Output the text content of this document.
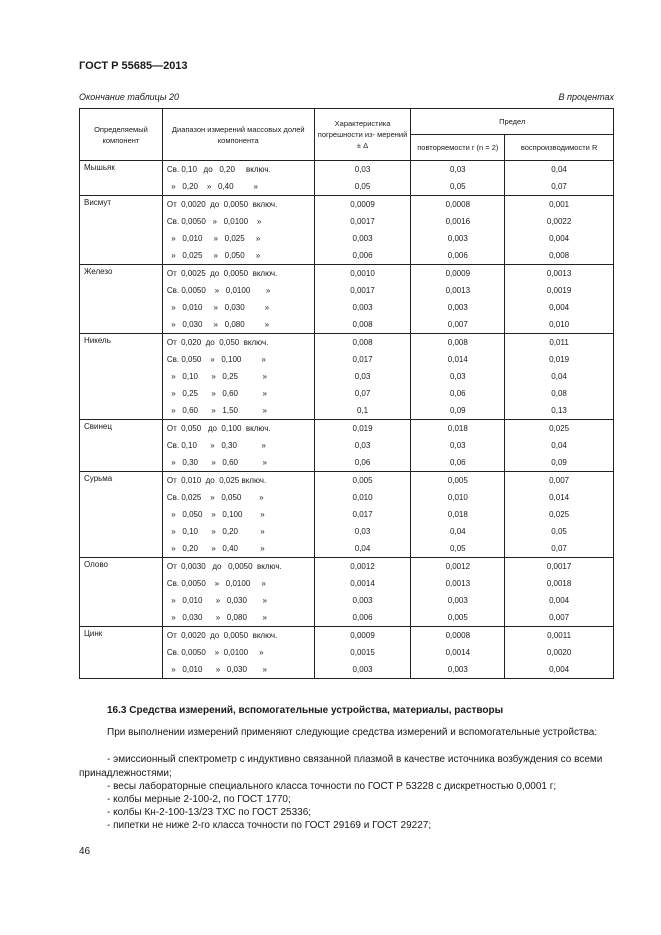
ГОСТ Р 55685—2013
Окончание таблицы 20	В процентах
Определяемый компонент	Диапазон измерений массовых долей компонента	Характеристика погрешности из- мерений ± Δ	Предел	
			повторяемости r (n = 2)	воспроизводимости R
Мышьяк	Св. 0,10   до   0,20     включ.	0,03	0,03	0,04
	»   0,20    »   0,40         »	0,05	0,05	0,07
Висмут	От  0,0020  до  0,0050  включ.	0,0009	0,0008	0,001
	Св. 0,0050   »   0,0100    »	0,0017	0,0016	0,0022
	»   0,010     »   0,025     »	0,003	0,003	0,004
	»   0,025     »   0,050     »	0,006	0,006	0,008
Железо	От  0,0025  до  0,0050  включ.	0,0010	0,0009	0,0013
	Св. 0,0050    »   0,0100       »	0,0017	0,0013	0,0019
	»   0,010     »   0,030         »	0,003	0,003	0,004
	»   0,030     »   0,080         »	0,008	0,007	0,010
Никель	От  0,020  до  0,050  включ.	0,008	0,008	0,011
	Св. 0,050    »   0,100         »	0,017	0,014	0,019
	»   0,10      »   0,25           »	0,03	0,03	0,04
	»   0,25      »   0,60           »	0,07	0,06	0,08
	»   0,60      »   1,50           »	0,1	0,09	0,13
Свинец	От  0,050   до  0,100  включ.	0,019	0,018	0,025
	Св. 0,10      »   0,30           »	0,03	0,03	0,04
	»   0,30      »   0,60           »	0,06	0,06	0,09
Сурьма	От  0,010  до  0,025 включ.	0,005	0,005	0,007
	Св. 0,025    »   0,050        »	0,010	0,010	0,014
	»   0,050    »   0,100        »	0,017	0,018	0,025
	»   0,10      »   0,20          »	0,03	0,04	0,05
	»   0,20      »   0,40          »	0,04	0,05	0,07
Олово	От  0,0030   до   0,0050  включ.	0,0012	0,0012	0,0017
	Св. 0,0050    »   0,0100     »	0,0014	0,0013	0,0018
	»   0,010      »   0,030       »	0,003	0,003	0,004
	»   0,030      »   0,080       »	0,006	0,005	0,007
Цинк	От  0,0020  до  0,0050  включ.	0,0009	0,0008	0,0011
	Св. 0,0050    »  0,0100     »	0,0015	0,0014	0,0020
	»   0,010      »   0,030       »	0,003	0,003	0,004
16.3 Средства измерений, вспомогательные устройства, материалы, растворы
При выполнении измерений применяют следующие средства измерений и вспомогательные устройства:
- эмиссионный спектрометр с индуктивно связанной плазмой в качестве источника возбуждения со всеми принадлежностями;
- весы лабораторные специального класса точности по ГОСТ Р 53228 с дискретностью 0,0001 г;
- колбы мерные 2-100-2, по ГОСТ 1770;
- колбы Кн-2-100-13/23 ТХС по ГОСТ 25336;
- пипетки не ниже 2-го класса точности по ГОСТ 29169 и ГОСТ 29227;
46
